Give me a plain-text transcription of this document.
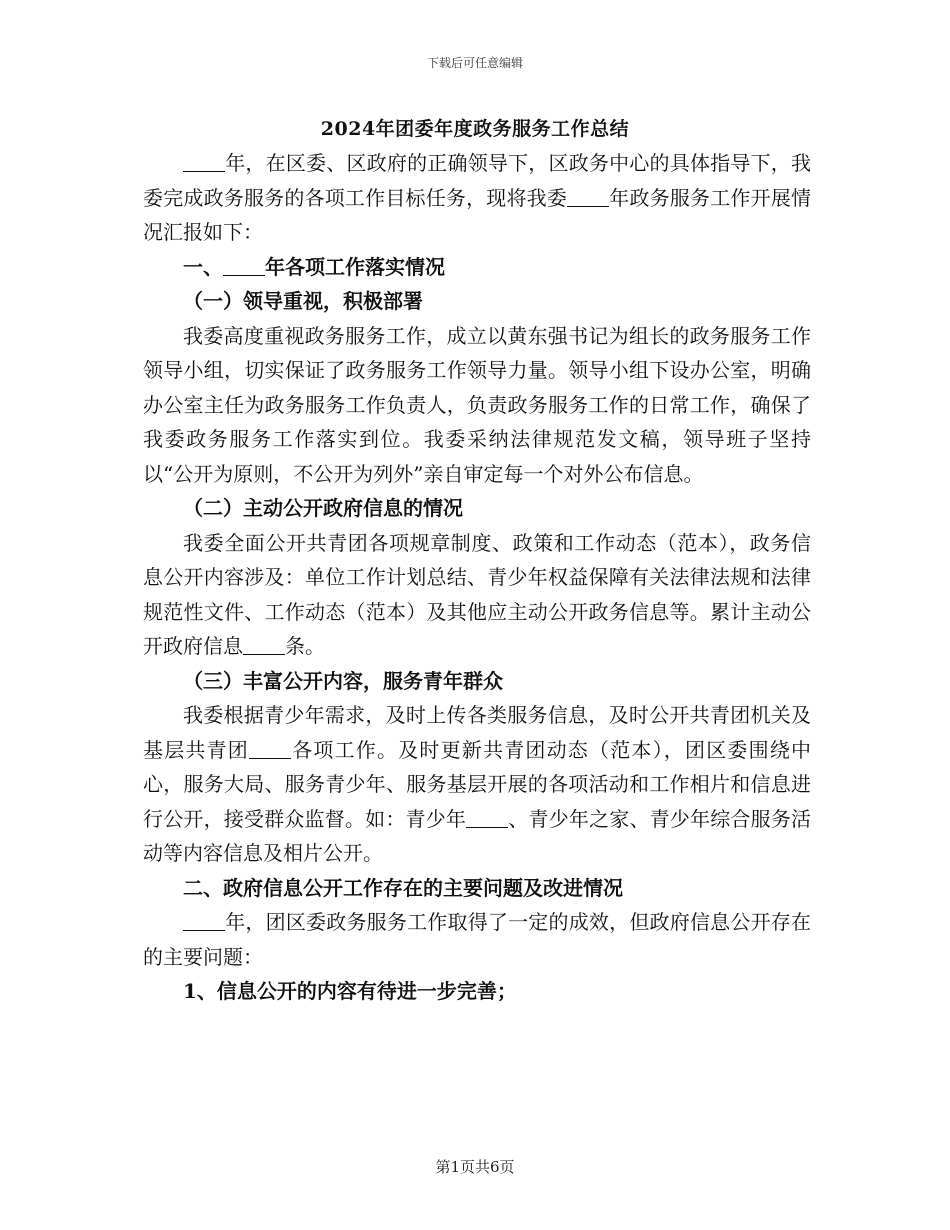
下载后可任意编辑
2024年团委年度政务服务工作总结

年，在区委、区政府的正确领导下，区政务中心的具体指导下，我委完成政务服务的各项工作目标任务，现将我委 年政务服务工作开展情况汇报如下：

一、 年各项工作落实情况

（一）领导重视，积极部署

我委高度重视政务服务工作，成立以黄东强书记为组长的政务服务工作领导小组，切实保证了政务服务工作领导力量。领导小组下设办公室，明确办公室主任为政务服务工作负责人，负责政务服务工作的日常工作，确保了我委政务服务工作落实到位。我委采纳法律规范发文稿，领导班子坚持以“公开为原则，不公开为列外”亲自审定每一个对外公布信息。

（二）主动公开政府信息的情况

我委全面公开共青团各项规章制度、政策和工作动态（范本），政务信息公开内容涉及：单位工作计划总结、青少年权益保障有关法律法规和法律规范性文件、工作动态（范本）及其他应主动公开政务信息等。累计主动公开政府信息 条。

（三）丰富公开内容，服务青年群众

我委根据青少年需求，及时上传各类服务信息，及时公开共青团机关及基层共青团 各项工作。及时更新共青团动态（范本），团区委围绕中心，服务大局、服务青少年、服务基层开展的各项活动和工作相片和信息进行公开，接受群众监督。如：青少年 、青少年之家、青少年综合服务活动等内容信息及相片公开。

二、政府信息公开工作存在的主要问题及改进情况

年，团区委政务服务工作取得了一定的成效，但政府信息公开存在的主要问题：

1、信息公开的内容有待进一步完善；

第1页共6页
